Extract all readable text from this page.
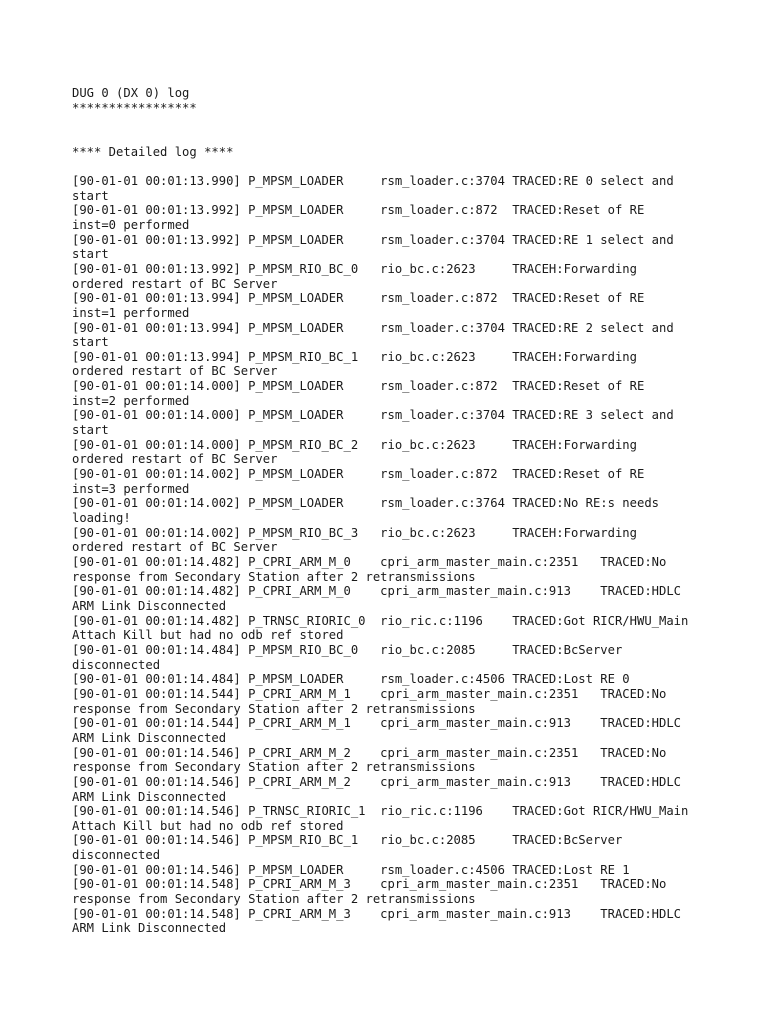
DUG 0 (DX 0) log
*****************
**** Detailed log ****
[90-01-01 00:01:13.990] P_MPSM_LOADER     rsm_loader.c:3704 TRACED:RE 0 select and
start
[90-01-01 00:01:13.992] P_MPSM_LOADER     rsm_loader.c:872  TRACED:Reset of RE
inst=0 performed
[90-01-01 00:01:13.992] P_MPSM_LOADER     rsm_loader.c:3704 TRACED:RE 1 select and
start
[90-01-01 00:01:13.992] P_MPSM_RIO_BC_0   rio_bc.c:2623     TRACEH:Forwarding
ordered restart of BC Server
[90-01-01 00:01:13.994] P_MPSM_LOADER     rsm_loader.c:872  TRACED:Reset of RE
inst=1 performed
[90-01-01 00:01:13.994] P_MPSM_LOADER     rsm_loader.c:3704 TRACED:RE 2 select and
start
[90-01-01 00:01:13.994] P_MPSM_RIO_BC_1   rio_bc.c:2623     TRACEH:Forwarding
ordered restart of BC Server
[90-01-01 00:01:14.000] P_MPSM_LOADER     rsm_loader.c:872  TRACED:Reset of RE
inst=2 performed
[90-01-01 00:01:14.000] P_MPSM_LOADER     rsm_loader.c:3704 TRACED:RE 3 select and
start
[90-01-01 00:01:14.000] P_MPSM_RIO_BC_2   rio_bc.c:2623     TRACEH:Forwarding
ordered restart of BC Server
[90-01-01 00:01:14.002] P_MPSM_LOADER     rsm_loader.c:872  TRACED:Reset of RE
inst=3 performed
[90-01-01 00:01:14.002] P_MPSM_LOADER     rsm_loader.c:3764 TRACED:No RE:s needs
loading!
[90-01-01 00:01:14.002] P_MPSM_RIO_BC_3   rio_bc.c:2623     TRACEH:Forwarding
ordered restart of BC Server
[90-01-01 00:01:14.482] P_CPRI_ARM_M_0    cpri_arm_master_main.c:2351   TRACED:No
response from Secondary Station after 2 retransmissions
[90-01-01 00:01:14.482] P_CPRI_ARM_M_0    cpri_arm_master_main.c:913    TRACED:HDLC
ARM Link Disconnected
[90-01-01 00:01:14.482] P_TRNSC_RIORIC_0  rio_ric.c:1196    TRACED:Got RICR/HWU_Main
Attach Kill but had no odb ref stored
[90-01-01 00:01:14.484] P_MPSM_RIO_BC_0   rio_bc.c:2085     TRACED:BcServer
disconnected
[90-01-01 00:01:14.484] P_MPSM_LOADER     rsm_loader.c:4506 TRACED:Lost RE 0
[90-01-01 00:01:14.544] P_CPRI_ARM_M_1    cpri_arm_master_main.c:2351   TRACED:No
response from Secondary Station after 2 retransmissions
[90-01-01 00:01:14.544] P_CPRI_ARM_M_1    cpri_arm_master_main.c:913    TRACED:HDLC
ARM Link Disconnected
[90-01-01 00:01:14.546] P_CPRI_ARM_M_2    cpri_arm_master_main.c:2351   TRACED:No
response from Secondary Station after 2 retransmissions
[90-01-01 00:01:14.546] P_CPRI_ARM_M_2    cpri_arm_master_main.c:913    TRACED:HDLC
ARM Link Disconnected
[90-01-01 00:01:14.546] P_TRNSC_RIORIC_1  rio_ric.c:1196    TRACED:Got RICR/HWU_Main
Attach Kill but had no odb ref stored
[90-01-01 00:01:14.546] P_MPSM_RIO_BC_1   rio_bc.c:2085     TRACED:BcServer
disconnected
[90-01-01 00:01:14.546] P_MPSM_LOADER     rsm_loader.c:4506 TRACED:Lost RE 1
[90-01-01 00:01:14.548] P_CPRI_ARM_M_3    cpri_arm_master_main.c:2351   TRACED:No
response from Secondary Station after 2 retransmissions
[90-01-01 00:01:14.548] P_CPRI_ARM_M_3    cpri_arm_master_main.c:913    TRACED:HDLC
ARM Link Disconnected
